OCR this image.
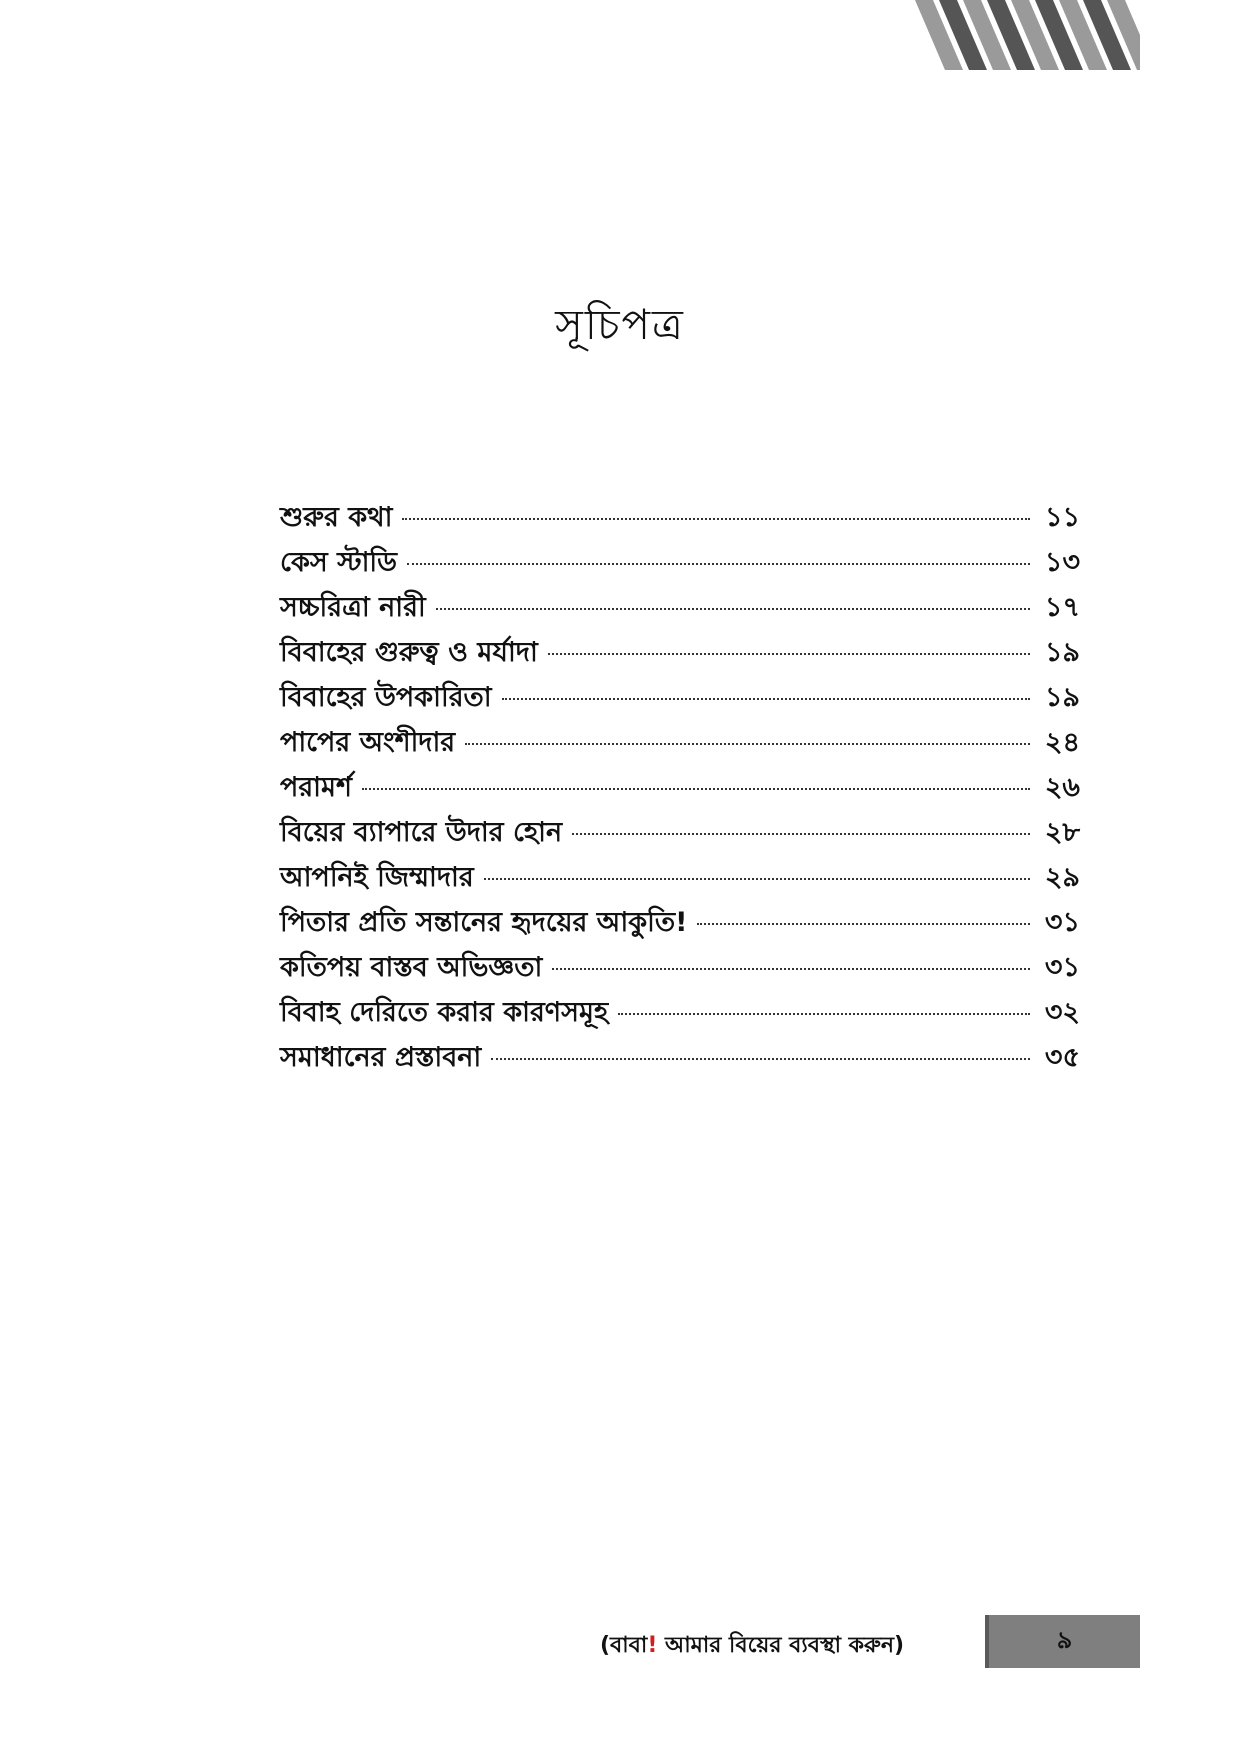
সূচিপত্র
শুরুর কথা	১১
কেস স্টাডি	১৩
সচ্চরিত্রা নারী	১৭
বিবাহের গুরুত্ব ও মর্যাদা	১৯
বিবাহের উপকারিতা	১৯
পাপের অংশীদার	২৪
পরামর্শ	২৬
বিয়ের ব্যাপারে উদার হোন	২৮
আপনিই জিম্মাদার	২৯
পিতার প্রতি সন্তানের হৃদয়ের আকুতি!	৩১
কতিপয় বাস্তব অভিজ্ঞতা	৩১
বিবাহ দেরিতে করার কারণসমূহ	৩২
সমাধানের প্রস্তাবনা	৩৫
(বাবা! আমার বিয়ের ব্যবস্থা করুন)	৯
